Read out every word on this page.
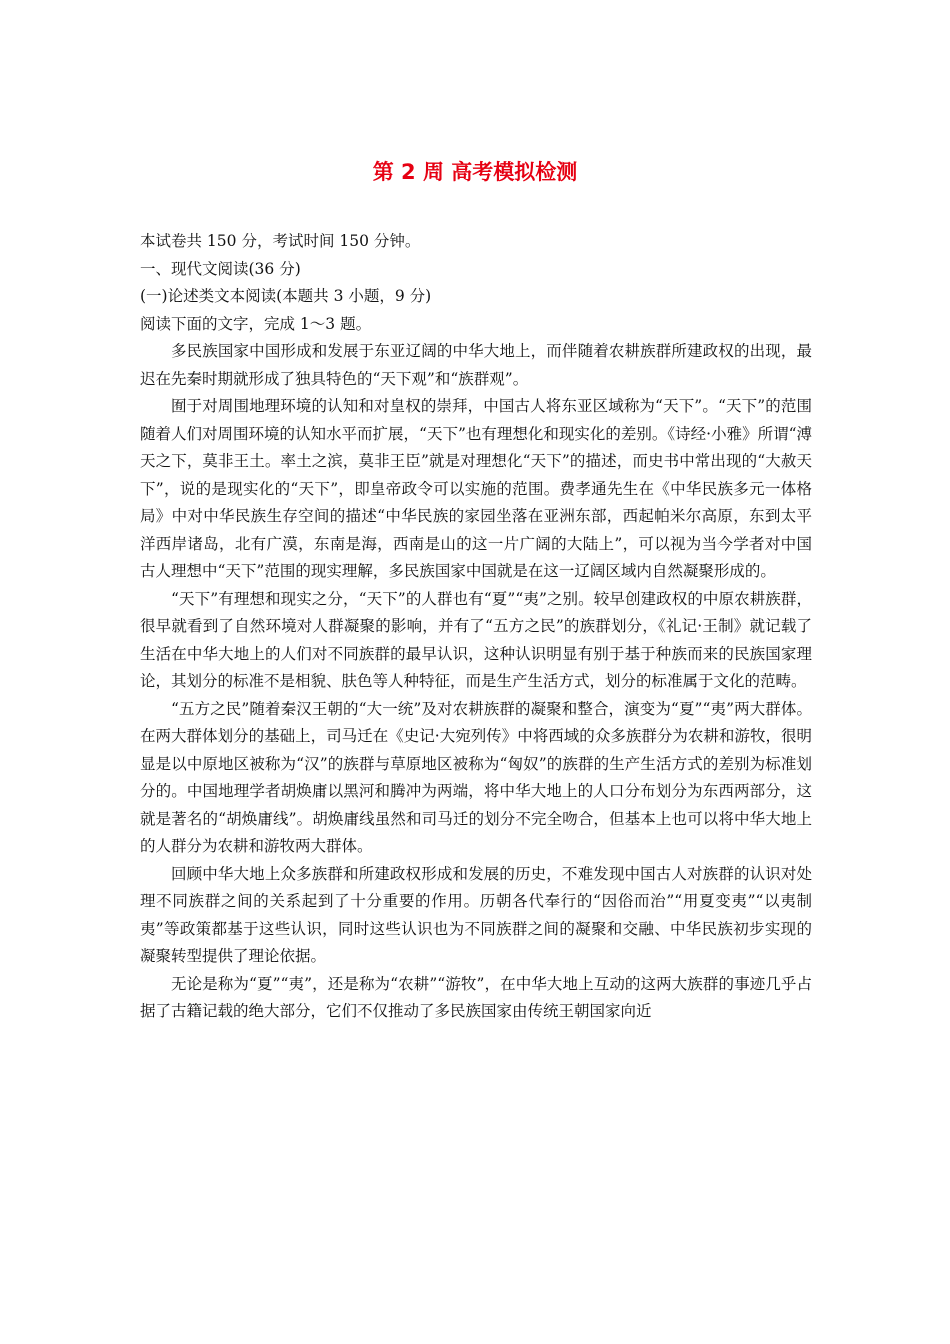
第 2 周 高考模拟检测
本试卷共 150 分，考试时间 150 分钟。
一、现代文阅读(36 分)
(一)论述类文本阅读(本题共 3 小题，9 分)
阅读下面的文字，完成 1～3 题。

多民族国家中国形成和发展于东亚辽阔的中华大地上，而伴随着农耕族群所建政权的出现，最迟在先秦时期就形成了独具特色的“天下观”和“族群观”。

囿于对周围地理环境的认知和对皇权的崇拜，中国古人将东亚区域称为“天下”。“天下”的范围随着人们对周围环境的认知水平而扩展，“天下”也有理想化和现实化的差别。《诗经·小雅》所谓“溥天之下，莫非王土。率土之滨，莫非王臣”就是对理想化“天下”的描述，而史书中常出现的“大赦天下”，说的是现实化的“天下”，即皇帝政令可以实施的范围。费孝通先生在《中华民族多元一体格局》中对中华民族生存空间的描述“中华民族的家园坐落在亚洲东部，西起帕米尔高原，东到太平洋西岸诸岛，北有广漠，东南是海，西南是山的这一片广阔的大陆上”，可以视为当今学者对中国古人理想中“天下”范围的现实理解，多民族国家中国就是在这一辽阔区域内自然凝聚形成的。

“天下”有理想和现实之分，“天下”的人群也有“夏”“夷”之别。较早创建政权的中原农耕族群，很早就看到了自然环境对人群凝聚的影响，并有了“五方之民”的族群划分，《礼记·王制》就记载了生活在中华大地上的人们对不同族群的最早认识，这种认识明显有别于基于种族而来的民族国家理论，其划分的标准不是相貌、肤色等人种特征，而是生产生活方式，划分的标准属于文化的范畴。

“五方之民”随着秦汉王朝的“大一统”及对农耕族群的凝聚和整合，演变为“夏”“夷”两大群体。在两大群体划分的基础上，司马迁在《史记·大宛列传》中将西域的众多族群分为农耕和游牧，很明显是以中原地区被称为“汉”的族群与草原地区被称为“匈奴”的族群的生产生活方式的差别为标准划分的。中国地理学者胡焕庸以黑河和腾冲为两端，将中华大地上的人口分布划分为东西两部分，这就是著名的“胡焕庸线”。胡焕庸线虽然和司马迁的划分不完全吻合，但基本上也可以将中华大地上的人群分为农耕和游牧两大群体。

回顾中华大地上众多族群和所建政权形成和发展的历史，不难发现中国古人对族群的认识对处理不同族群之间的关系起到了十分重要的作用。历朝各代奉行的“因俗而治”“用夏变夷”“以夷制夷”等政策都基于这些认识，同时这些认识也为不同族群之间的凝聚和交融、中华民族初步实现的凝聚转型提供了理论依据。

无论是称为“夏”“夷”，还是称为“农耕”“游牧”，在中华大地上互动的这两大族群的事迹几乎占据了古籍记载的绝大部分，它们不仅推动了多民族国家由传统王朝国家向近
